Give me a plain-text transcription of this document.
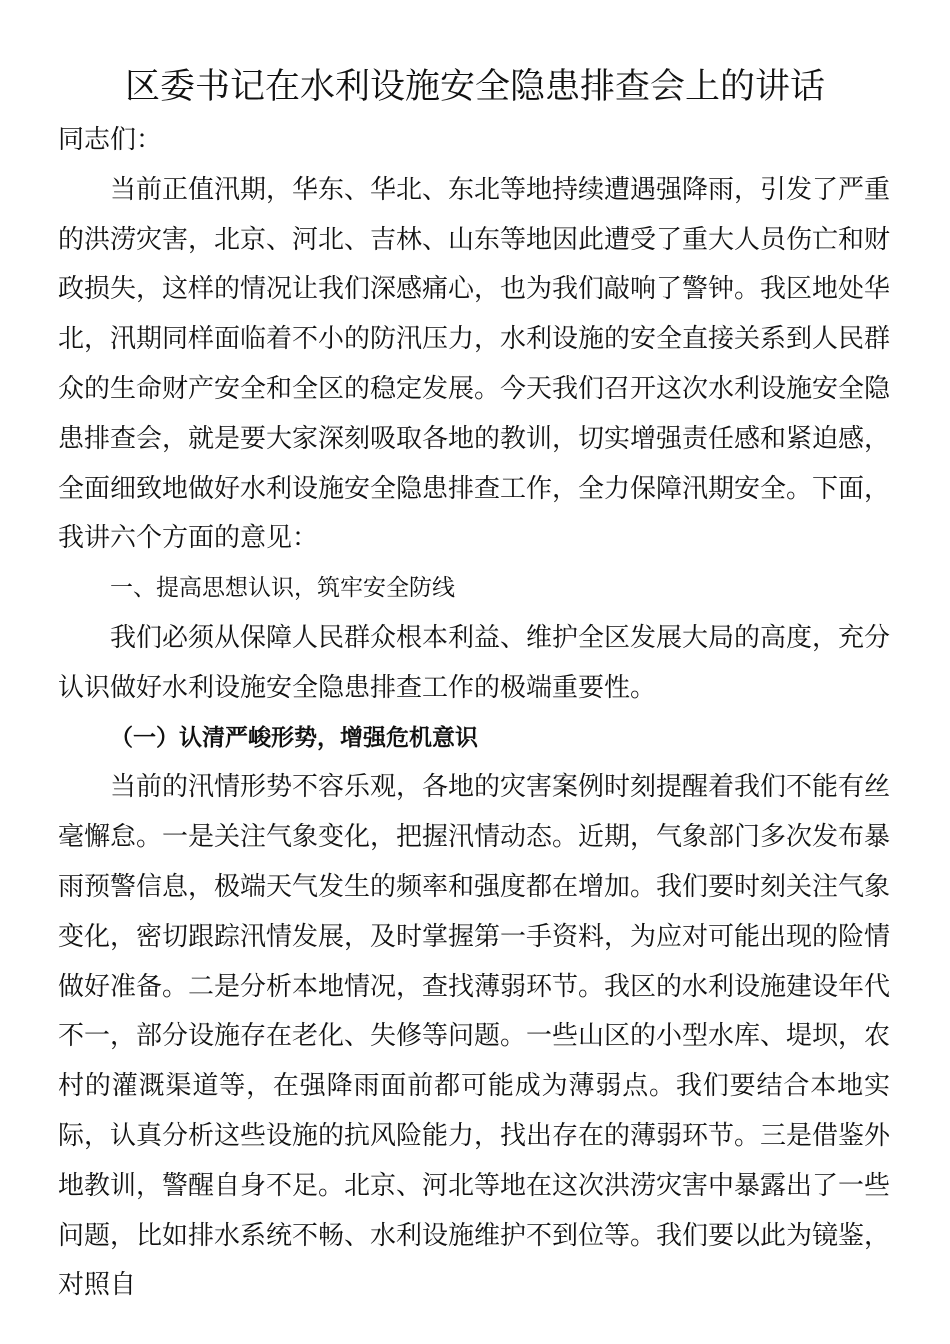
区委书记在水利设施安全隐患排查会上的讲话

同志们：

当前正值汛期，华东、华北、东北等地持续遭遇强降雨，引发了严重的洪涝灾害，北京、河北、吉林、山东等地因此遭受了重大人员伤亡和财政损失，这样的情况让我们深感痛心，也为我们敲响了警钟。我区地处华北，汛期同样面临着不小的防汛压力，水利设施的安全直接关系到人民群众的生命财产安全和全区的稳定发展。今天我们召开这次水利设施安全隐患排查会，就是要大家深刻吸取各地的教训，切实增强责任感和紧迫感，全面细致地做好水利设施安全隐患排查工作，全力保障汛期安全。下面，我讲六个方面的意见：

一、提高思想认识，筑牢安全防线

我们必须从保障人民群众根本利益、维护全区发展大局的高度，充分认识做好水利设施安全隐患排查工作的极端重要性。

（一）认清严峻形势，增强危机意识

当前的汛情形势不容乐观，各地的灾害案例时刻提醒着我们不能有丝毫懈怠。一是关注气象变化，把握汛情动态。近期，气象部门多次发布暴雨预警信息，极端天气发生的频率和强度都在增加。我们要时刻关注气象变化，密切跟踪汛情发展，及时掌握第一手资料，为应对可能出现的险情做好准备。二是分析本地情况，查找薄弱环节。我区的水利设施建设年代不一，部分设施存在老化、失修等问题。一些山区的小型水库、堤坝，农村的灌溉渠道等，在强降雨面前都可能成为薄弱点。我们要结合本地实际，认真分析这些设施的抗风险能力，找出存在的薄弱环节。三是借鉴外地教训，警醒自身不足。北京、河北等地在这次洪涝灾害中暴露出了一些问题，比如排水系统不畅、水利设施维护不到位等。我们要以此为镜鉴，对照自
